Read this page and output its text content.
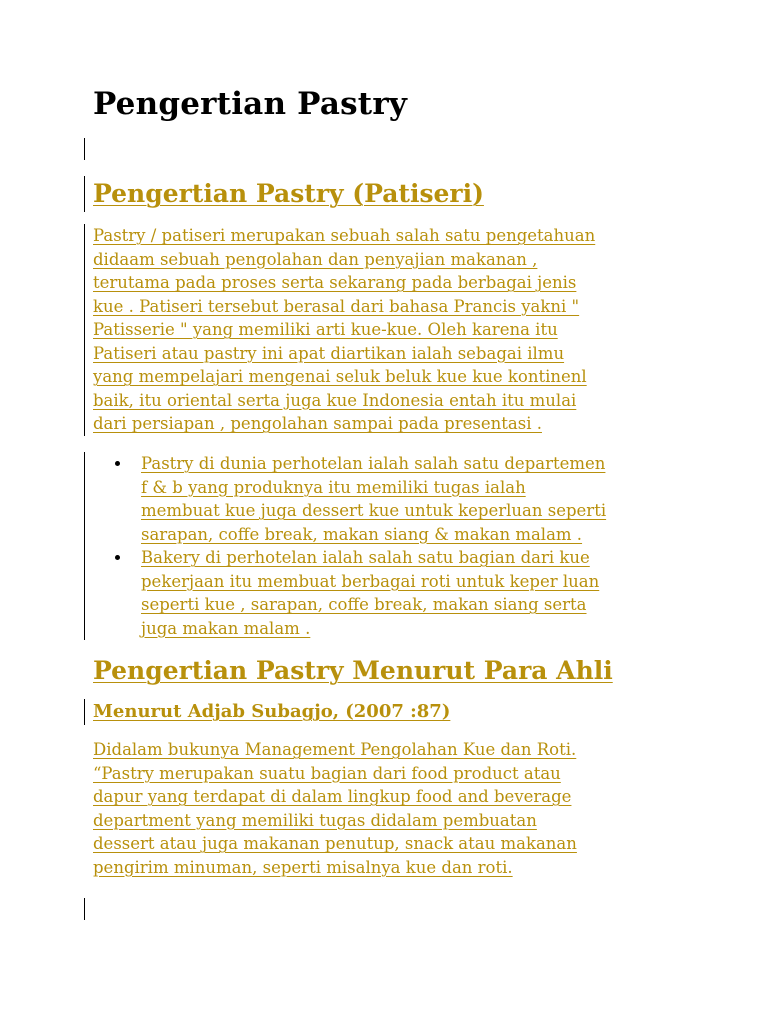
Pengertian Pastry
Pengertian Pastry (Patiseri)

Pastry / patiseri merupakan sebuah salah satu pengetahuan
didaam sebuah pengolahan dan penyajian makanan ,
terutama pada proses serta sekarang pada berbagai jenis
kue . Patiseri tersebut berasal dari bahasa Prancis yakni "
Patisserie " yang memiliki arti kue-kue. Oleh karena itu
Patiseri atau pastry ini apat diartikan ialah sebagai ilmu
yang mempelajari mengenai seluk beluk kue kue kontinenl
baik, itu oriental serta juga kue Indonesia entah itu mulai
dari persiapan , pengolahan sampai pada presentasi .

Pastry di dunia perhotelan ialah salah satu departemen
f & b yang produknya itu memiliki tugas ialah
membuat kue juga dessert kue untuk keperluan seperti
sarapan, coffe break, makan siang & makan malam .
Bakery di perhotelan ialah salah satu bagian dari kue
pekerjaan itu membuat berbagai roti untuk keper luan
seperti kue , sarapan, coffe break, makan siang serta
juga makan malam .
Pengertian Pastry Menurut Para Ahli
Menurut Adjab Subagjo, (2007 :87)

Didalam bukunya Management Pengolahan Kue dan Roti.
“Pastry merupakan suatu bagian dari food product atau
dapur yang terdapat di dalam lingkup food and beverage
department yang memiliki tugas didalam pembuatan
dessert atau juga makanan penutup, snack atau makanan
pengirim minuman, seperti misalnya kue dan roti.
